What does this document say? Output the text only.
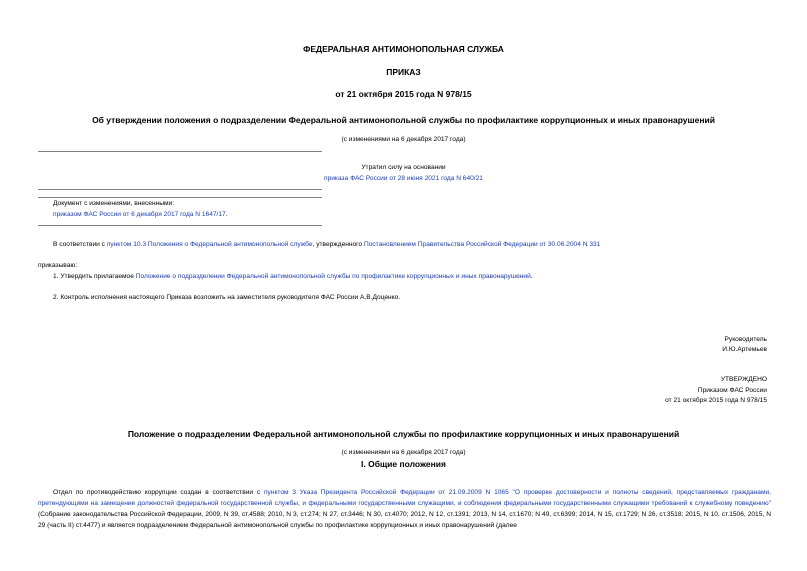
ФЕДЕРАЛЬНАЯ АНТИМОНОПОЛЬНАЯ СЛУЖБА
ПРИКАЗ
от 21 октября 2015 года N 978/15
Об утверждении положения о подразделении Федеральной антимонопольной службы по профилактике коррупционных и иных правонарушений
(с изменениями на 6 декабря 2017 года)
Утратил силу на основании
приказа ФАС России от 28 июня 2021 года N 640/21
Документ с изменениями, внесенными:
приказом ФАС России от 6 декабря 2017 года N 1647/17.
В соответствии с пунктом 10.3 Положения о Федеральной антимонопольной службе, утвержденного Постановлением Правительства Российской Федерации от 30.06.2004 N 331
приказываю:
1. Утвердить прилагаемое Положение о подразделении Федеральной антимонопольной службы по профилактике коррупционных и иных правонарушений.
2. Контроль исполнения настоящего Приказа возложить на заместителя руководителя ФАС России А.В.Доценко.
Руководитель
И.Ю.Артемьев
УТВЕРЖДЕНО
Приказом ФАС России
от 21 октября 2015 года N 978/15
Положение о подразделении Федеральной антимонопольной службы по профилактике коррупционных и иных правонарушений
(с изменениями на 6 декабря 2017 года)
I. Общие положения
Отдел по противодействию коррупции создан в соответствии с пунктом 3 Указа Президента Российской Федерации от 21.09.2009 N 1065 "О проверке достоверности и полноты сведений, представляемых гражданами, претендующими на замещение должностей федеральной государственной службы, и федеральными государственными служащими, и соблюдения федеральными государственными служащими требований к служебному поведению" (Собрание законодательства Российской Федерации, 2009, N 39, ст.4588; 2010, N 3, ст.274; N 27, ст.3446; N 30, ст.4070; 2012, N 12, ст.1391; 2013, N 14, ст.1670; N 49, ст.6399; 2014, N 15, ст.1729; N 26, ст.3518; 2015, N 10, ст.1506, 2015, N 29 (часть II) ст.4477) и является подразделением Федеральной антимонопольной службы по профилактике коррупционных и иных правонарушений (далее
